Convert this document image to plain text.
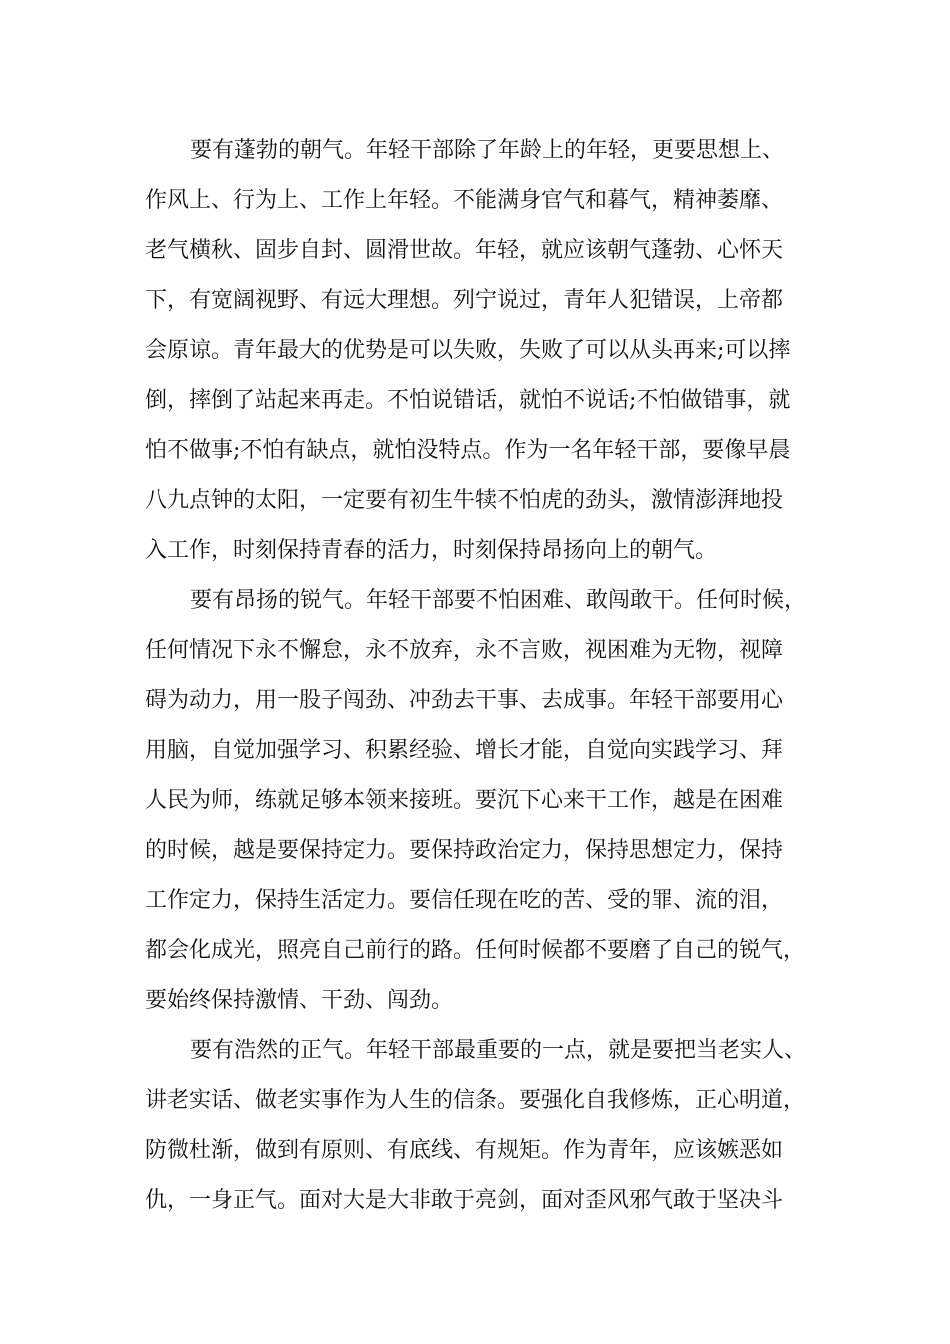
要有蓬勃的朝气。年轻干部除了年龄上的年轻，更要思想上、
作风上、行为上、工作上年轻。不能满身官气和暮气，精神萎靡、
老气横秋、固步自封、圆滑世故。年轻，就应该朝气蓬勃、心怀天
下，有宽阔视野、有远大理想。列宁说过，青年人犯错误，上帝都
会原谅。青年最大的优势是可以失败，失败了可以从头再来;可以摔
倒，摔倒了站起来再走。不怕说错话，就怕不说话;不怕做错事，就
怕不做事;不怕有缺点，就怕没特点。作为一名年轻干部，要像早晨
八九点钟的太阳，一定要有初生牛犊不怕虎的劲头，激情澎湃地投
入工作，时刻保持青春的活力，时刻保持昂扬向上的朝气。
要有昂扬的锐气。年轻干部要不怕困难、敢闯敢干。任何时候，
任何情况下永不懈怠，永不放弃，永不言败，视困难为无物，视障
碍为动力，用一股子闯劲、冲劲去干事、去成事。年轻干部要用心
用脑，自觉加强学习、积累经验、增长才能，自觉向实践学习、拜
人民为师，练就足够本领来接班。要沉下心来干工作，越是在困难
的时候，越是要保持定力。要保持政治定力，保持思想定力，保持
工作定力，保持生活定力。要信任现在吃的苦、受的罪、流的泪，
都会化成光，照亮自己前行的路。任何时候都不要磨了自己的锐气，
要始终保持激情、干劲、闯劲。
要有浩然的正气。年轻干部最重要的一点，就是要把当老实人、
讲老实话、做老实事作为人生的信条。要强化自我修炼，正心明道，
防微杜渐，做到有原则、有底线、有规矩。作为青年，应该嫉恶如
仇，一身正气。面对大是大非敢于亮剑，面对歪风邪气敢于坚决斗
